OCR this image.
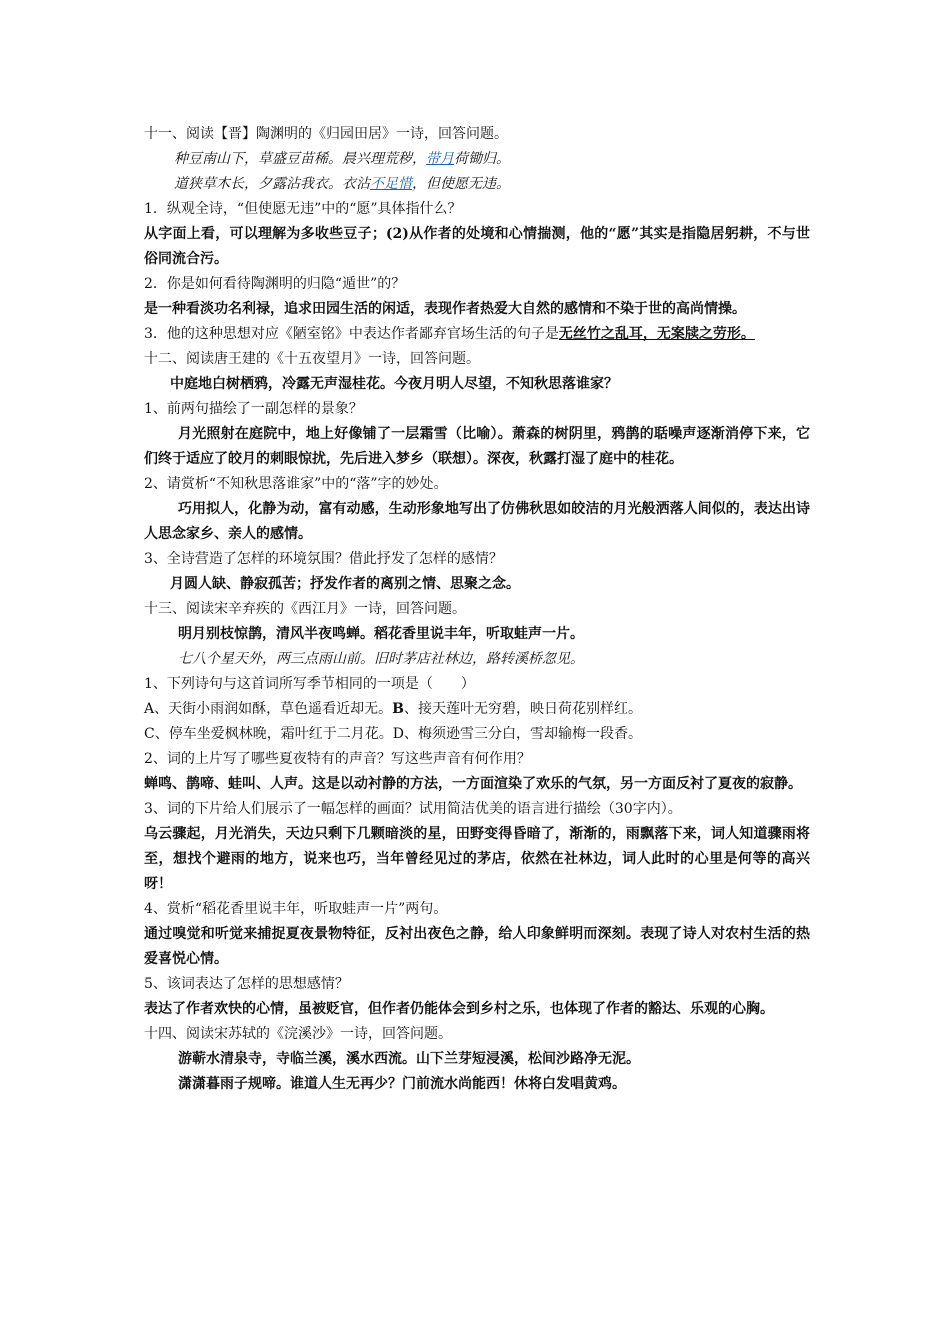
十一、阅读【晋】陶渊明的《归园田居》一诗，回答问题。
种豆南山下，草盛豆苗稀。晨兴理荒秽，带月荷锄归。
道狭草木长，夕露沾我衣。衣沾不足惜，但使愿无违。
1．纵观全诗，“但使愿无违”中的“愿”具体指什么？
从字面上看，可以理解为多收些豆子；(2)从作者的处境和心情揣测，他的“愿”其实是指隐居躬耕，不与世俗同流合污。
2．你是如何看待陶渊明的归隐“遁世”的？
是一种看淡功名利禄，追求田园生活的闲适，表现作者热爱大自然的感情和不染于世的高尚情操。
3．他的这种思想对应《陋室铭》中表达作者鄙弃官场生活的句子是无丝竹之乱耳，无案牍之劳形。
十二、阅读唐王建的《十五夜望月》一诗，回答问题。
中庭地白树栖鸦，冷露无声湿桂花。今夜月明人尽望，不知秋思落谁家？
1、前两句描绘了一副怎样的景象？
月光照射在庭院中，地上好像铺了一层霜雪（比喻）。萧森的树阴里，鸦鹊的聒噪声逐渐消停下来，它们终于适应了皎月的刺眼惊扰，先后进入梦乡（联想）。深夜，秋露打湿了庭中的桂花。
2、请赏析“不知秋思落谁家”中的“落”字的妙处。
巧用拟人，化静为动，富有动感，生动形象地写出了仿佛秋思如皎洁的月光般洒落人间似的，表达出诗人思念家乡、亲人的感情。
3、全诗营造了怎样的环境氛围？借此抒发了怎样的感情？
月圆人缺、静寂孤苦；抒发作者的离别之情、思聚之念。
十三、阅读宋辛弃疾的《西江月》一诗，回答问题。
明月别枝惊鹊，清风半夜鸣蝉。稻花香里说丰年，听取蛙声一片。
七八个星天外，两三点雨山前。旧时茅店社林边，路转溪桥忽见。
1、下列诗句与这首词所写季节相同的一项是（　　）
A、天街小雨润如酥，草色遥看近却无。B、接天莲叶无穷碧，映日荷花别样红。
C、停车坐爱枫林晚，霜叶红于二月花。D、梅须逊雪三分白，雪却输梅一段香。
2、词的上片写了哪些夏夜特有的声音？写这些声音有何作用？
蝉鸣、鹊啼、蛙叫、人声。这是以动衬静的方法，一方面渲染了欢乐的气氛，另一方面反衬了夏夜的寂静。
3、词的下片给人们展示了一幅怎样的画面？试用简洁优美的语言进行描绘（30字内）。
乌云骤起，月光消失，天边只剩下几颗暗淡的星，田野变得昏暗了，渐渐的，雨飘落下来，词人知道骤雨将至，想找个避雨的地方，说来也巧，当年曾经见过的茅店，依然在社林边，词人此时的心里是何等的高兴呀！
4、赏析“稻花香里说丰年，听取蛙声一片”两句。
通过嗅觉和听觉来捕捉夏夜景物特征，反衬出夜色之静，给人印象鲜明而深刻。表现了诗人对农村生活的热爱喜悦心情。
5、该词表达了怎样的思想感情？
表达了作者欢快的心情，虽被贬官，但作者仍能体会到乡村之乐，也体现了作者的豁达、乐观的心胸。
十四、阅读宋苏轼的《浣溪沙》一诗，回答问题。
游蕲水清泉寺，寺临兰溪，溪水西流。山下兰芽短浸溪，松间沙路净无泥。
潇潇暮雨子规啼。谁道人生无再少？门前流水尚能西！休将白发唱黄鸡。
